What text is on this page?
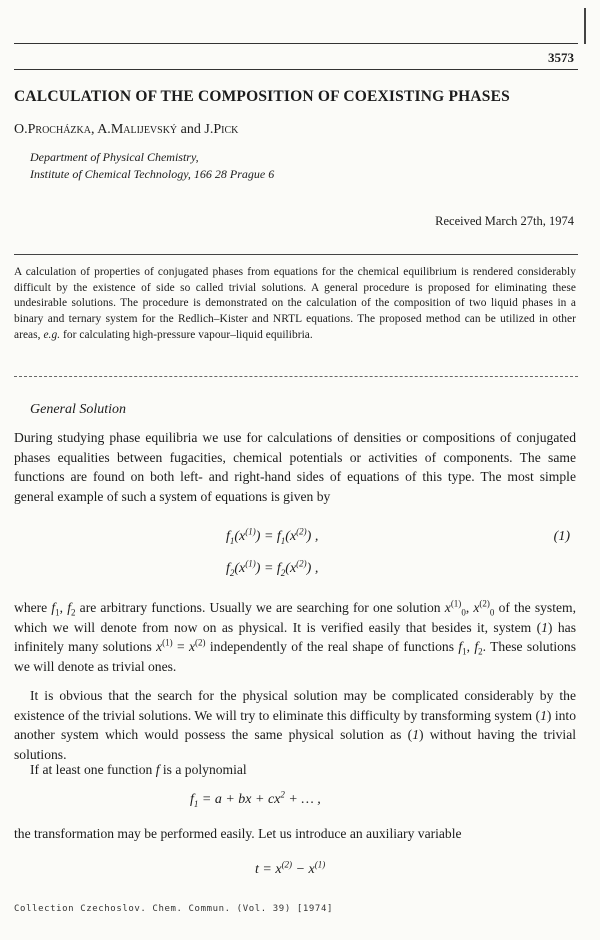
3573
CALCULATION OF THE COMPOSITION OF COEXISTING PHASES
O.Procházka, A.Malijevský and J.Pick
Department of Physical Chemistry,
Institute of Chemical Technology, 166 28 Prague 6
Received March 27th, 1974
A calculation of properties of conjugated phases from equations for the chemical equilibrium is rendered considerably difficult by the existence of side so called trivial solutions. A general procedure is proposed for eliminating these undesirable solutions. The procedure is demonstrated on the calculation of the composition of two liquid phases in a binary and ternary system for the Redlich–Kister and NRTL equations. The proposed method can be utilized in other areas, e.g. for calculating high-pressure vapour–liquid equilibria.
General Solution
During studying phase equilibria we use for calculations of densities or compositions of conjugated phases equalities between fugacities, chemical potentials or activities of components. The same functions are found on both left- and right-hand sides of equations of this type. The most simple general example of such a system of equations is given by
$f_1(x^{(1)}) = f_1(x^{(2)})$ ,	(1)
$f_2(x^{(1)}) = f_2(x^{(2)})$ ,
where $f_1$, $f_2$ are arbitrary functions. Usually we are searching for one solution $x^{(1)}_0$, $x^{(2)}_0$ of the system, which we will denote from now on as physical. It is verified easily that besides it, system (1) has infinitely many solutions $x^{(1)} = x^{(2)}$ independently of the real shape of functions $f_1$, $f_2$. These solutions we will denote as trivial ones.
It is obvious that the search for the physical solution may be complicated considerably by the existence of the trivial solutions. We will try to eliminate this difficulty by transforming system (1) into another system which would possess the same physical solution as (1) without having the trivial solutions.
If at least one function f is a polynomial
$f_1 = a$ + bx + $cx^2$ + … ,
the transformation may be performed easily. Let us introduce an auxiliary variable
$t = x^{(2)} - x^{(1)}$
Collection Czechoslov. Chem. Commun. (Vol. 39) [1974]
